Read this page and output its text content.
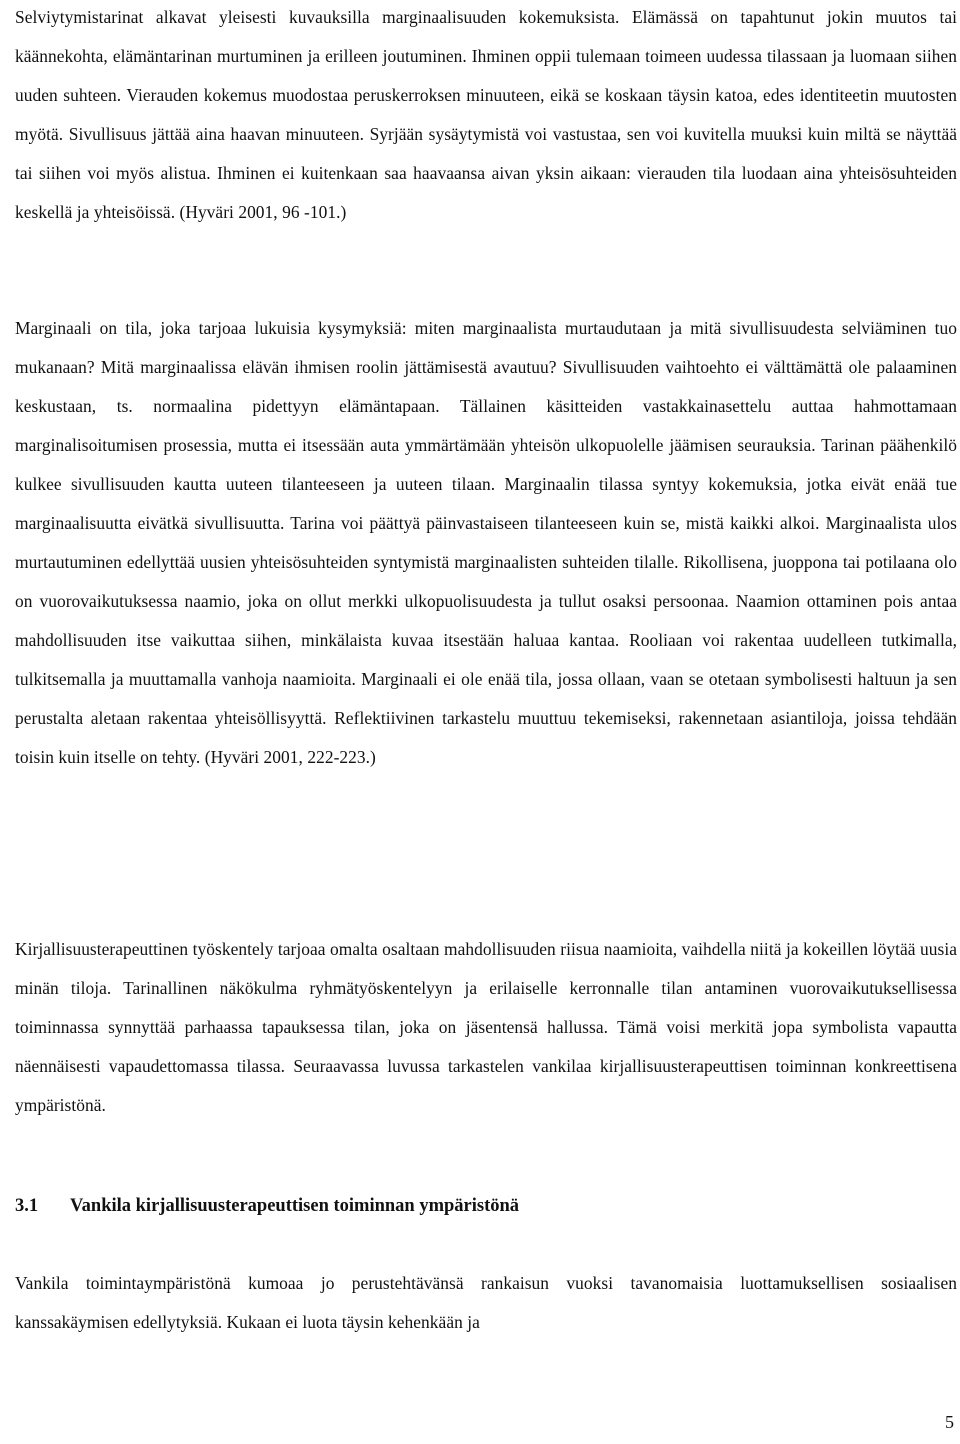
Selviytymistarinat alkavat yleisesti kuvauksilla marginaalisuuden kokemuksista. Elämässä on tapahtunut jokin muutos tai käännekohta, elämäntarinan murtuminen ja erilleen joutuminen. Ihminen oppii tulemaan toimeen uudessa tilassaan ja luomaan siihen uuden suhteen. Vierauden kokemus muodostaa peruskerroksen minuuteen, eikä se koskaan täysin katoa, edes identiteetin muutosten myötä. Sivullisuus jättää aina haavan minuuteen. Syrjään sysäytymistä voi vastustaa, sen voi kuvitella muuksi kuin miltä se näyttää tai siihen voi myös alistua. Ihminen ei kuitenkaan saa haavaansa aivan yksin aikaan: vierauden tila luodaan aina yhteisösuhteiden keskellä ja yhteisöissä. (Hyväri 2001, 96 -101.)

Marginaali on tila, joka tarjoaa lukuisia kysymyksiä: miten marginaalista murtaudutaan ja mitä sivullisuudesta selviäminen tuo mukanaan? Mitä marginaalissa elävän ihmisen roolin jättämisestä avautuu? Sivullisuuden vaihtoehto ei välttämättä ole palaaminen keskustaan, ts. normaalina pidettyyn elämäntapaan. Tällainen käsitteiden vastakkainasettelu auttaa hahmottamaan marginalisoitumisen prosessia, mutta ei itsessään auta ymmärtämään yhteisön ulkopuolelle jäämisen seurauksia. Tarinan päähenkilö kulkee sivullisuuden kautta uuteen tilanteeseen ja uuteen tilaan. Marginaalin tilassa syntyy kokemuksia, jotka eivät enää tue marginaalisuutta eivätkä sivullisuutta. Tarina voi päättyä päinvastaiseen tilanteeseen kuin se, mistä kaikki alkoi. Marginaalista ulos murtautuminen edellyttää uusien yhteisösuhteiden syntymistä marginaalisten suhteiden tilalle. Rikollisena, juoppona tai potilaana olo on vuorovaikutuksessa naamio, joka on ollut merkki ulkopuolisuudesta ja tullut osaksi persoonaa. Naamion ottaminen pois antaa mahdollisuuden itse vaikuttaa siihen, minkälaista kuvaa itsestään haluaa kantaa. Rooliaan voi rakentaa uudelleen tutkimalla, tulkitsemalla ja muuttamalla vanhoja naamioita. Marginaali ei ole enää tila, jossa ollaan, vaan se otetaan symbolisesti haltuun ja sen perustalta aletaan rakentaa yhteisöllisyyttä. Reflektiivinen tarkastelu muuttuu tekemiseksi, rakennetaan asiantiloja, joissa tehdään toisin kuin itselle on tehty. (Hyväri 2001, 222-223.)

Kirjallisuusterapeuttinen työskentely tarjoaa omalta osaltaan mahdollisuuden riisua naamioita, vaihdella niitä ja kokeillen löytää uusia minän tiloja. Tarinallinen näkökulma ryhmätyöskentelyyn ja erilaiselle kerronnalle tilan antaminen vuorovaikutuksellisessa toiminnassa synnyttää parhaassa tapauksessa tilan, joka on jäsentensä hallussa. Tämä voisi merkitä jopa symbolista vapautta näennäisesti vapaudettomassa tilassa. Seuraavassa luvussa tarkastelen vankilaa kirjallisuusterapeuttisen toiminnan konkreettisena ympäristönä.

3.1 Vankila kirjallisuusterapeuttisen toiminnan ympäristönä

Vankila toimintaympäristönä kumoaa jo perustehtävänsä rankaisun vuoksi tavanomaisia luottamuksellisen sosiaalisen kanssakäymisen edellytyksiä. Kukaan ei luota täysin kehenkään ja

5
